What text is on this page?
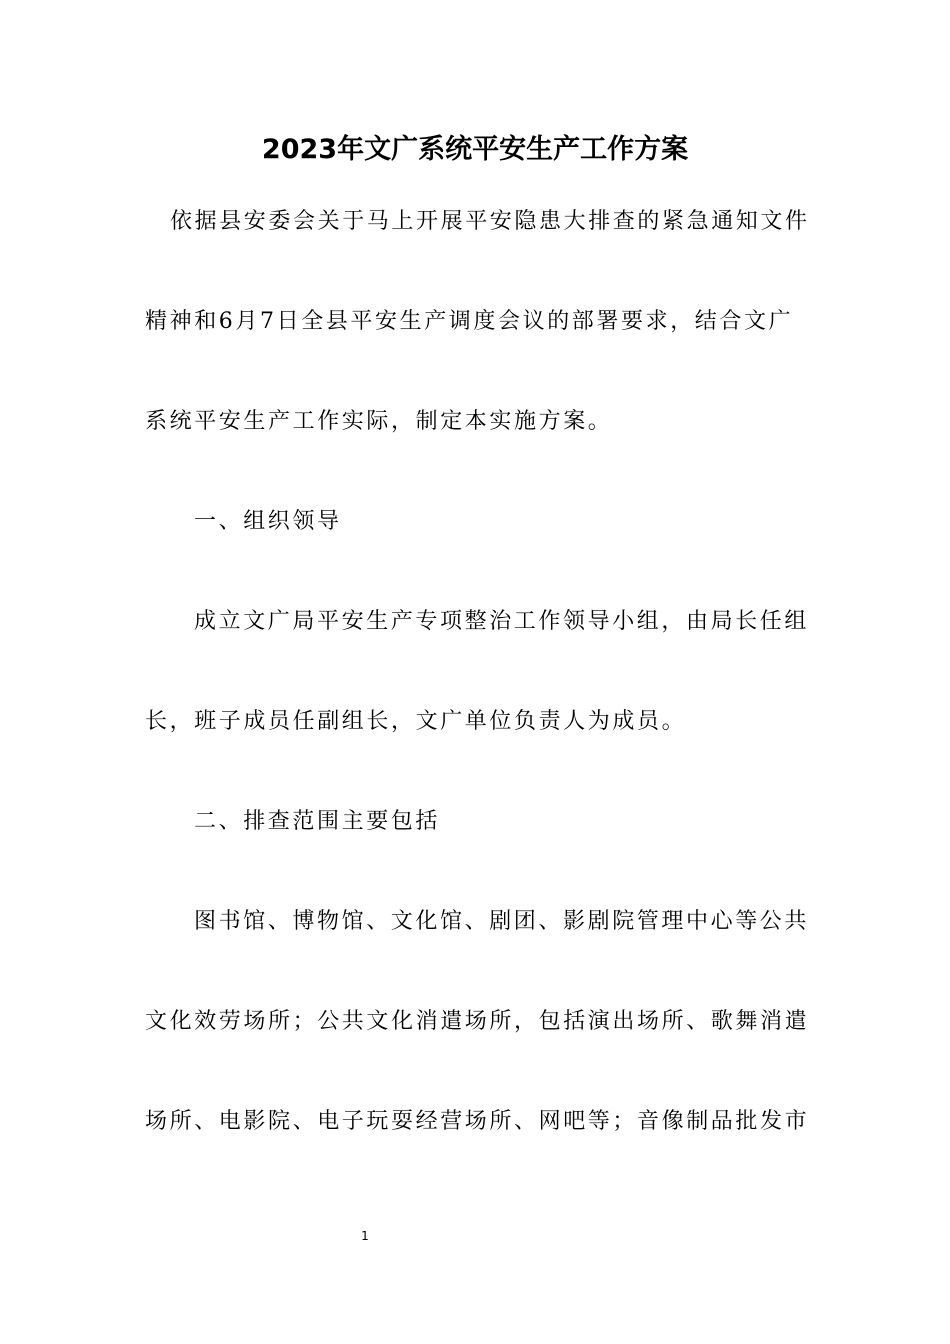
2023年文广系统平安生产工作方案

依据县安委会关于马上开展平安隐患大排查的紧急通知文件

精神和6月7日全县平安生产调度会议的部署要求，结合文广

系统平安生产工作实际，制定本实施方案。

一、组织领导

成立文广局平安生产专项整治工作领导小组，由局长任组

长，班子成员任副组长，文广单位负责人为成员。

二、排查范围主要包括

图书馆、博物馆、文化馆、剧团、影剧院管理中心等公共

文化效劳场所；公共文化消遣场所，包括演出场所、歌舞消遣

场所、电影院、电子玩耍经营场所、网吧等；音像制品批发市

1
